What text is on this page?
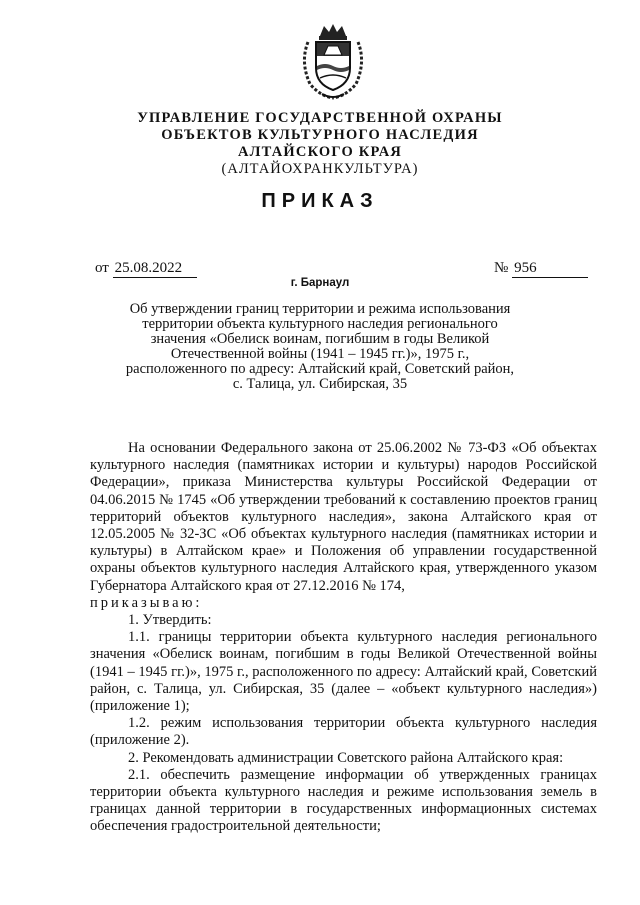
УПРАВЛЕНИЕ ГОСУДАРСТВЕННОЙ ОХРАНЫ
ОБЪЕКТОВ КУЛЬТУРНОГО НАСЛЕДИЯ
АЛТАЙСКОГО КРАЯ
(АЛТАЙОХРАНКУЛЬТУРА)
ПРИКАЗ
от 25.08.2022	№ 956
г. Барнаул
Об утверждении границ территории и режима использования
территории объекта культурного наследия регионального
значения «Обелиск воинам, погибшим в годы Великой
Отечественной войны (1941 – 1945 гг.)», 1975 г.,
расположенного по адресу: Алтайский край, Советский район,
с. Талица, ул. Сибирская, 35

На основании Федерального закона от 25.06.2002 № 73-ФЗ «Об объектах культурного наследия (памятниках истории и культуры) народов Российской Федерации», приказа Министерства культуры Российской Федерации от 04.06.2015 № 1745 «Об утверждении требований к составлению проектов границ территорий объектов культурного наследия», закона Алтайского края от 12.05.2005 № 32-ЗС «Об объектах культурного наследия (памятниках истории и культуры) в Алтайском крае» и Положения об управлении государственной охраны объектов культурного наследия Алтайского края, утвержденного указом Губернатора Алтайского края от 27.12.2016 № 174,

приказываю:

1. Утвердить:

1.1. границы территории объекта культурного наследия регионального значения «Обелиск воинам, погибшим в годы Великой Отечественной войны (1941 – 1945 гг.)», 1975 г., расположенного по адресу: Алтайский край, Советский район, с. Талица, ул. Сибирская, 35 (далее – «объект культурного наследия») (приложение 1);

1.2. режим использования территории объекта культурного наследия (приложение 2).

2. Рекомендовать администрации Советского района Алтайского края:

2.1. обеспечить размещение информации об утвержденных границах территории объекта культурного наследия и режиме использования земель в границах данной территории в государственных информационных системах обеспечения градостроительной деятельности;
